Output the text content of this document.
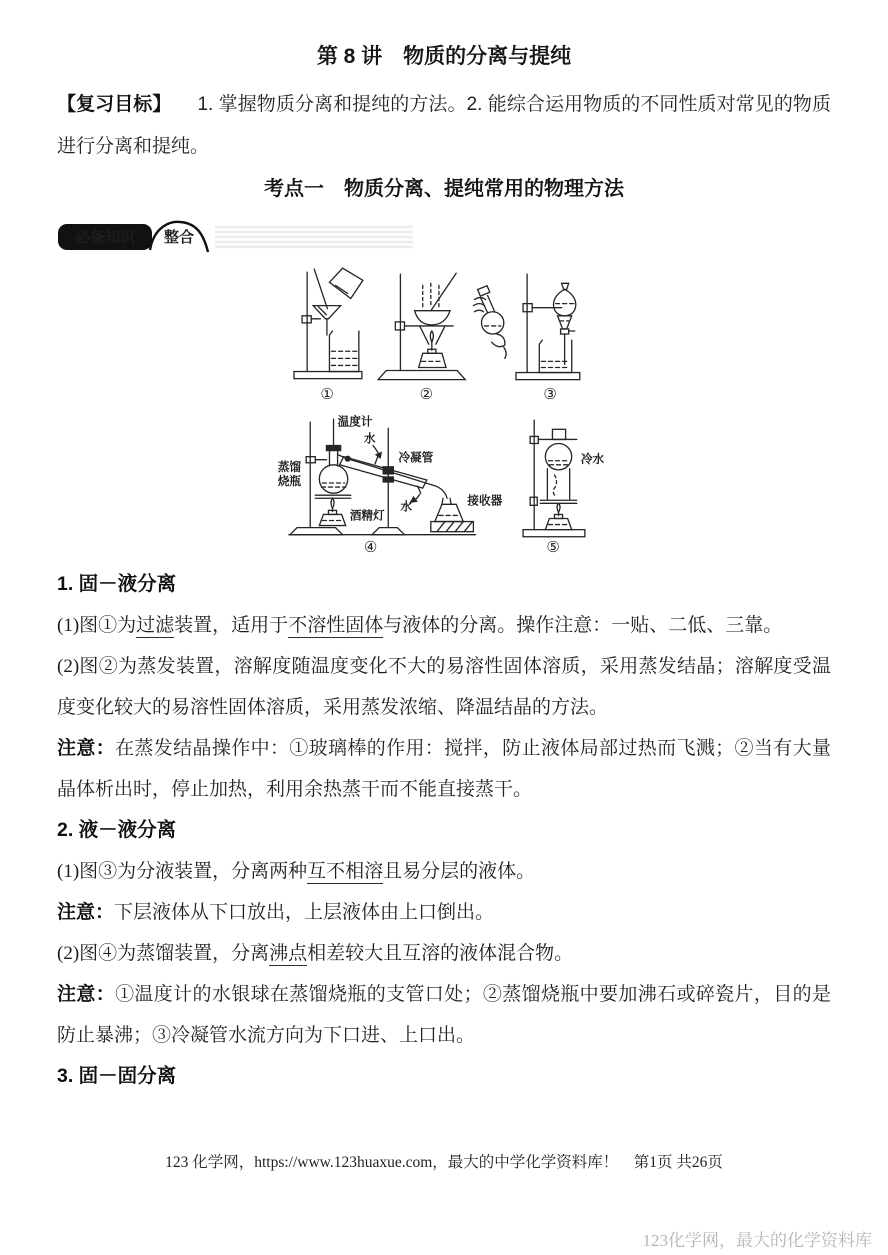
第 8 讲　物质的分离与提纯

【复习目标】 1. 掌握物质分离和提纯的方法。2. 能综合运用物质的不同性质对常见的物质进行分离和提纯。

考点一　物质分离、提纯常用的物理方法
必备知识 整合
①	②	③
温度计
水
冷凝管
蒸馏
烧瓶
酒精灯
水	接收器
冷水
④	⑤

1. 固－液分离

(1)图①为过滤装置，适用于不溶性固体与液体的分离。操作注意：一贴、二低、三靠。

(2)图②为蒸发装置，溶解度随温度变化不大的易溶性固体溶质，采用蒸发结晶；溶解度受温度变化较大的易溶性固体溶质，采用蒸发浓缩、降温结晶的方法。

注意：在蒸发结晶操作中：①玻璃棒的作用：搅拌，防止液体局部过热而飞溅；②当有大量晶体析出时，停止加热，利用余热蒸干而不能直接蒸干。

2. 液－液分离

(1)图③为分液装置，分离两种互不相溶且易分层的液体。

注意：下层液体从下口放出，上层液体由上口倒出。

(2)图④为蒸馏装置，分离沸点相差较大且互溶的液体混合物。

注意：①温度计的水银球在蒸馏烧瓶的支管口处；②蒸馏烧瓶中要加沸石或碎瓷片，目的是防止暴沸；③冷凝管水流方向为下口进、上口出。

3. 固－固分离

123 化学网，https://www.123huaxue.com，最大的中学化学资料库！　第1页 共26页
123化学网，最大的化学资料库
